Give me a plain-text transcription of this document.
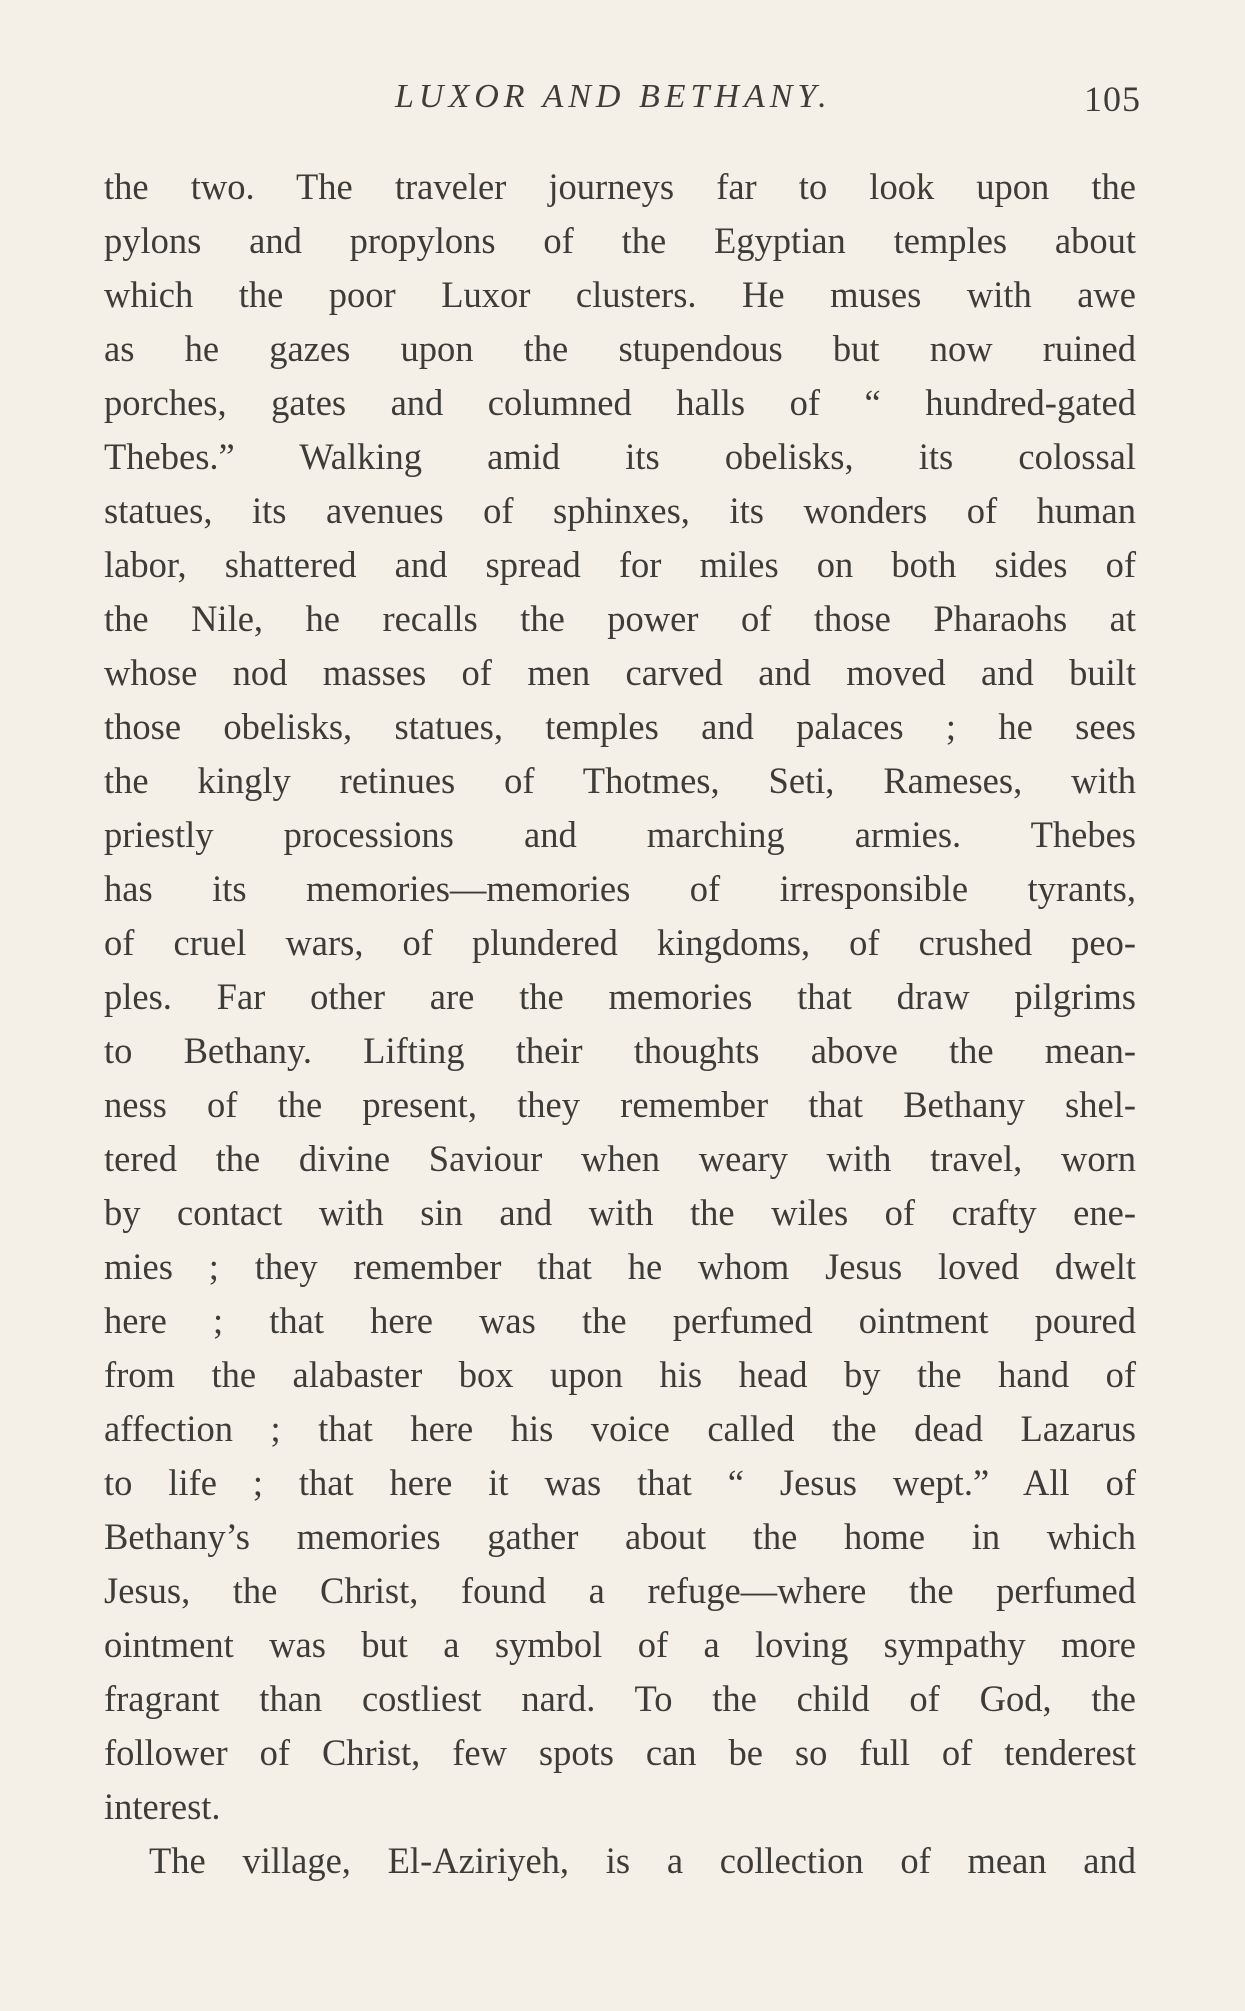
LUXOR AND BETHANY.	105
the two. The traveler journeys far to look upon the
pylons and propylons of the Egyptian temples about
which the poor Luxor clusters. He muses with awe
as he gazes upon the stupendous but now ruined
porches, gates and columned halls of “ hundred-gated
Thebes.” Walking amid its obelisks, its colossal
statues, its avenues of sphinxes, its wonders of human
labor, shattered and spread for miles on both sides of
the Nile, he recalls the power of those Pharaohs at
whose nod masses of men carved and moved and built
those obelisks, statues, temples and palaces ; he sees
the kingly retinues of Thotmes, Seti, Rameses, with
priestly processions and marching armies. Thebes
has its memories—memories of irresponsible tyrants,
of cruel wars, of plundered kingdoms, of crushed peo-
ples. Far other are the memories that draw pilgrims
to Bethany. Lifting their thoughts above the mean-
ness of the present, they remember that Bethany shel-
tered the divine Saviour when weary with travel, worn
by contact with sin and with the wiles of crafty ene-
mies ; they remember that he whom Jesus loved dwelt
here ; that here was the perfumed ointment poured
from the alabaster box upon his head by the hand of
affection ; that here his voice called the dead Lazarus
to life ; that here it was that “ Jesus wept.” All of
Bethany’s memories gather about the home in which
Jesus, the Christ, found a refuge—where the perfumed
ointment was but a symbol of a loving sympathy more
fragrant than costliest nard. To the child of God, the
follower of Christ, few spots can be so full of tenderest
interest.
The village, El-Aziriyeh, is a collection of mean and
